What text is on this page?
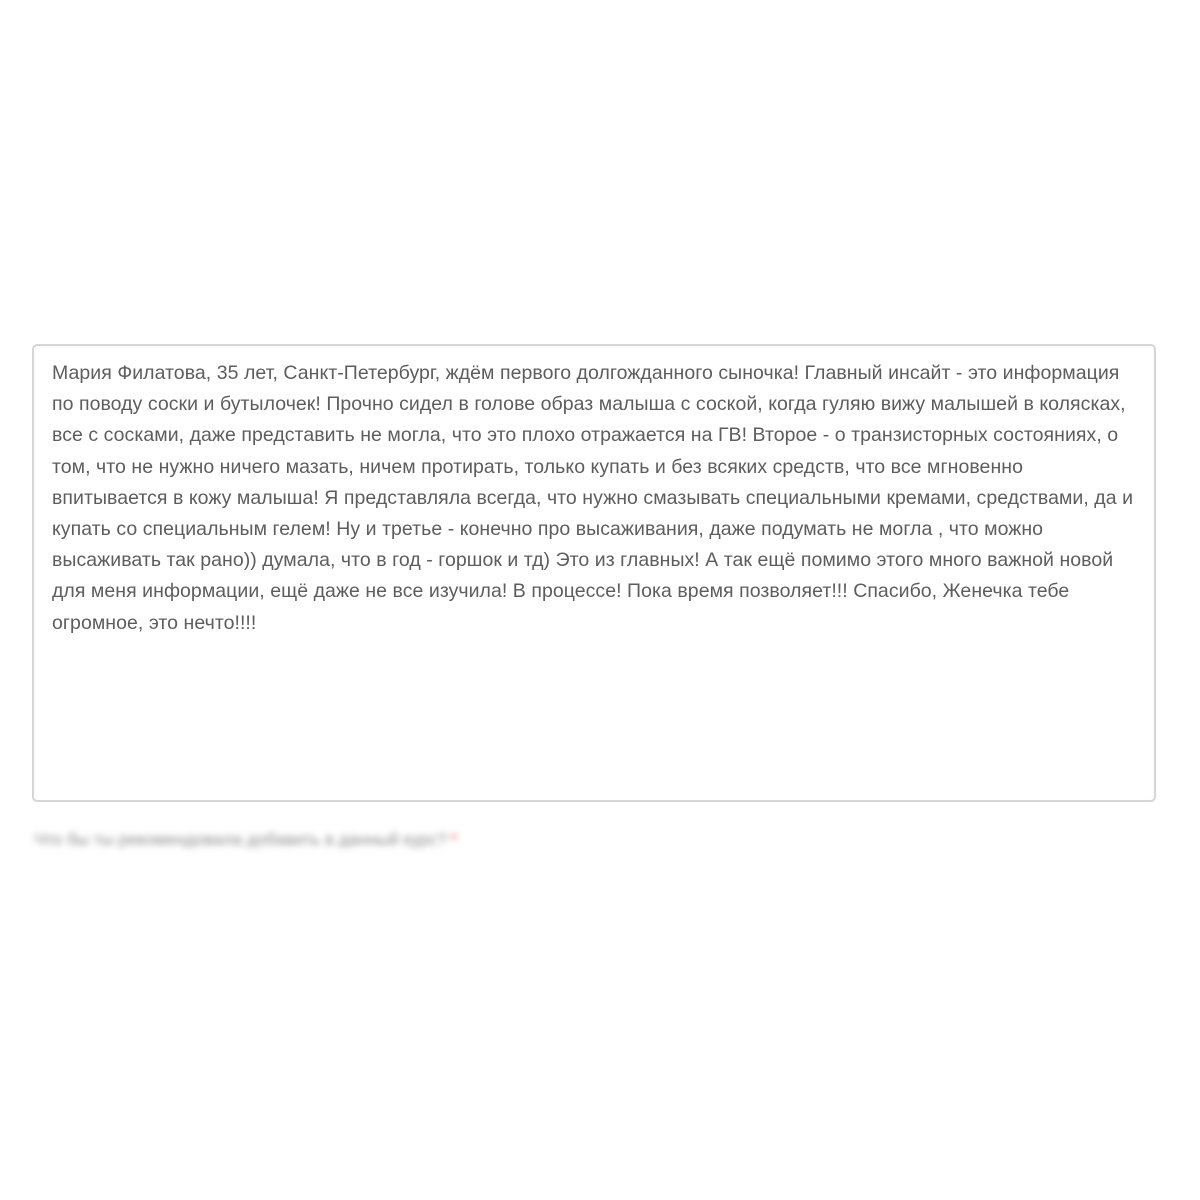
Мария Филатова, 35 лет, Санкт-Петербург, ждём первого долгожданного сыночка! Главный инсайт - это информация по поводу соски и бутылочек! Прочно сидел в голове образ малыша с соской, когда гуляю вижу малышей в колясках, все с сосками, даже представить не могла, что это плохо отражается на ГВ! Второе - о транзисторных состояниях, о том, что не нужно ничего мазать, ничем протирать, только купать и без всяких средств, что все мгновенно впитывается в кожу малыша! Я представляла всегда, что нужно смазывать специальными кремами, средствами, да и купать со специальным гелем! Ну и третье - конечно про высаживания, даже подумать не могла , что можно высаживать так рано)) думала, что в год - горшок и тд) Это из главных! А так ещё помимо этого много важной новой для меня информации, ещё даже не все изучила! В процессе! Пока время позволяет!!! Спасибо, Женечка тебе огромное, это нечто!!!!

Что бы ты рекомендовала добавить в данный курс? *
